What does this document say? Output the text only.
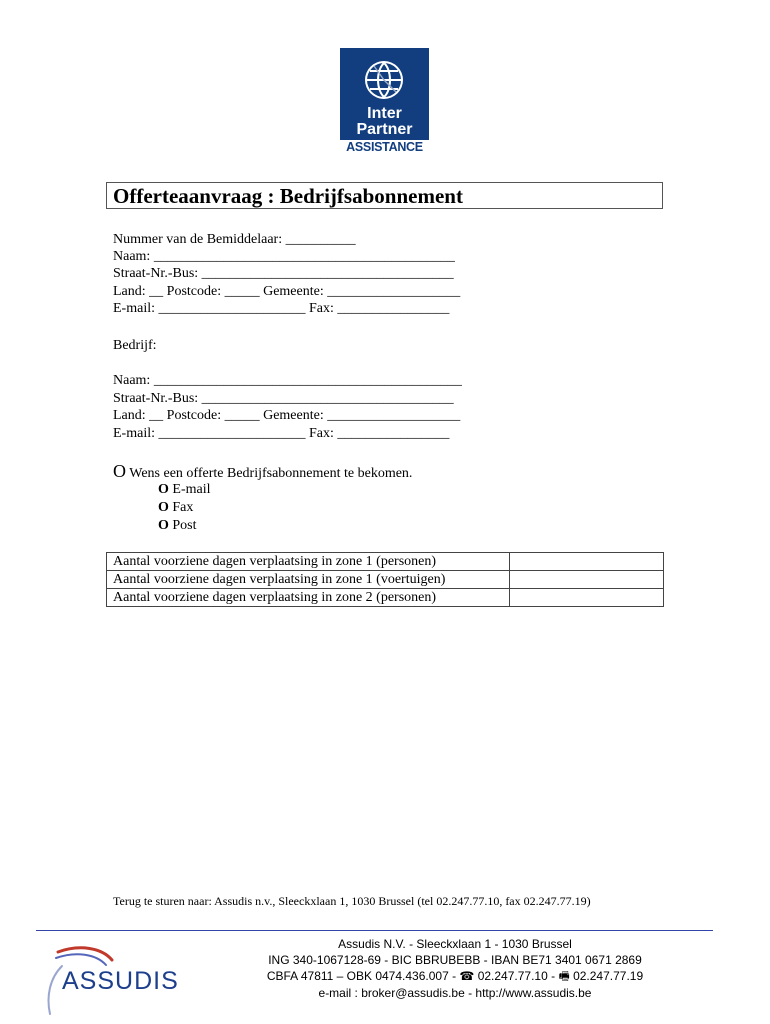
Inter
Partner
ASSISTANCE
Offerteaanvraag : Bedrijfsabonnement
Nummer van de Bemiddelaar: __________
Naam: ___________________________________________
Straat-Nr.-Bus: ____________________________________
Land: __ Postcode: _____ Gemeente: ___________________
E-mail: _____________________ Fax: ________________
Bedrijf:
Naam: ____________________________________________
Straat-Nr.-Bus: ____________________________________
Land: __ Postcode: _____ Gemeente: ___________________
E-mail: _____________________ Fax: ________________
O Wens een offerte Bedrijfsabonnement te bekomen.
O E-mail
O Fax
O Post
Aantal voorziene dagen verplaatsing in zone 1 (personen)	
Aantal voorziene dagen verplaatsing in zone 1 (voertuigen)	
Aantal voorziene dagen verplaatsing in zone 2 (personen)	
Terug te sturen naar: Assudis n.v., Sleeckxlaan 1, 1030 Brussel (tel 02.247.77.10, fax 02.247.77.19)
ASSUDIS
Assudis N.V. - Sleeckxlaan 1 - 1030 Brussel
ING 340-1067128-69 - BIC BBRUBEBB - IBAN BE71 3401 0671 2869
CBFA 47811 – OBK 0474.436.007 - ☎ 02.247.77.10 - 🖷 02.247.77.19
e-mail : broker@assudis.be - http://www.assudis.be
